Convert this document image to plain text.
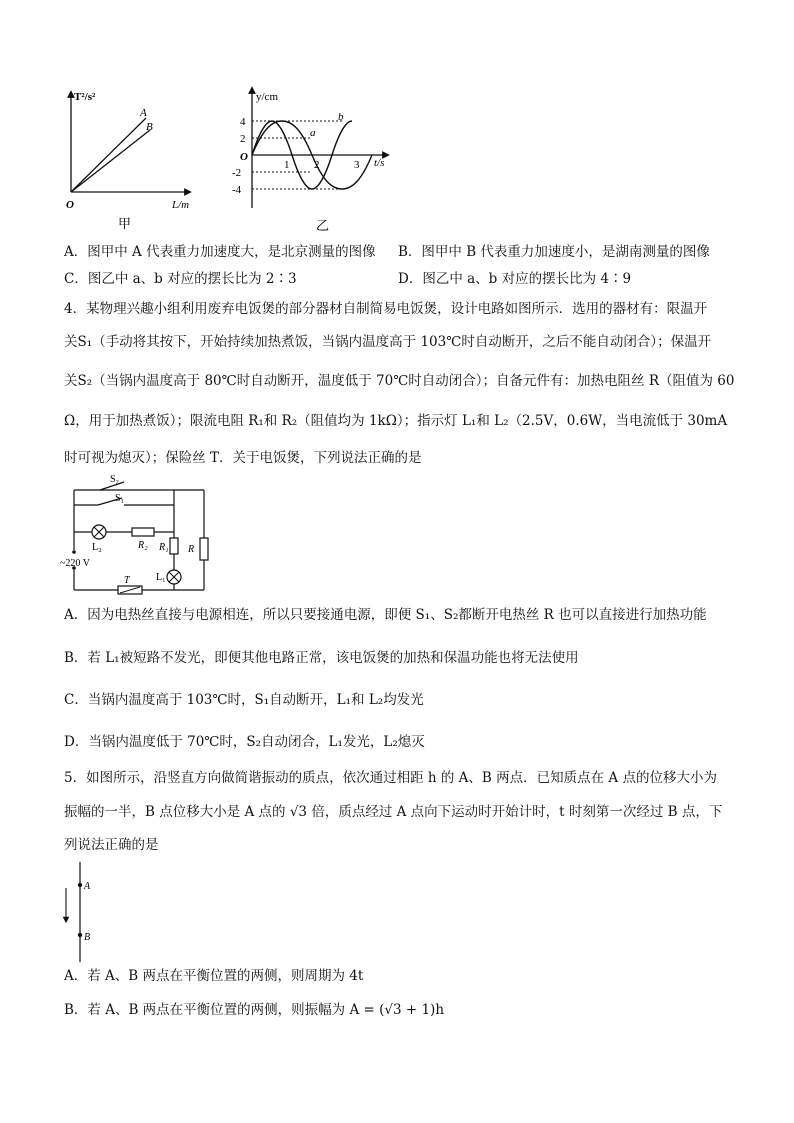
T²/s²
L/m
O
A
B
甲
y/cm
t/s
O
4
2
-2
-4
1 2	3
a
b
乙
A．图甲中 A 代表重力加速度大，是北京测量的图像 B．图甲中 B 代表重力加速度小，是湖南测量的图像
C．图乙中 a、b 对应的摆长比为 2∶3	D．图乙中 a、b 对应的摆长比为 4∶9
4．某物理兴趣小组利用废弃电饭煲的部分器材自制简易电饭煲，设计电路如图所示．选用的器材有：限温开
关S₁（手动将其按下，开始持续加热煮饭，当锅内温度高于 103℃时自动断开，之后不能自动闭合）；保温开
关S₂（当锅内温度高于 80℃时自动断开，温度低于 70℃时自动闭合）；自备元件有：加热电阻丝 R（阻值为 60
Ω，用于加热煮饭）；限流电阻 R₁和 R₂（阻值均为 1kΩ）；指示灯 L₁和 L₂（2.5V，0.6W，当电流低于 30mA
时可视为熄灭）；保险丝 T．关于电饭煲，下列说法正确的是
S₂
S₁
L₂	R₂ R₁ R
L₁
~220 V
T
A．因为电热丝直接与电源相连，所以只要接通电源，即便 S₁、S₂都断开电热丝 R 也可以直接进行加热功能
B．若 L₁被短路不发光，即便其他电路正常，该电饭煲的加热和保温功能也将无法使用
C．当锅内温度高于 103℃时，S₁自动断开，L₁和 L₂均发光
D．当锅内温度低于 70℃时，S₂自动闭合，L₁发光，L₂熄灭
5．如图所示，沿竖直方向做简谐振动的质点，依次通过相距 h 的 A、B 两点．已知质点在 A 点的位移大小为
振幅的一半，B 点位移大小是 A 点的 √3 倍，质点经过 A 点向下运动时开始计时，t 时刻第一次经过 B 点，下
列说法正确的是
A
B
A．若 A、B 两点在平衡位置的两侧，则周期为 4t
B．若 A、B 两点在平衡位置的两侧，则振幅为 A = (√3 + 1)h
